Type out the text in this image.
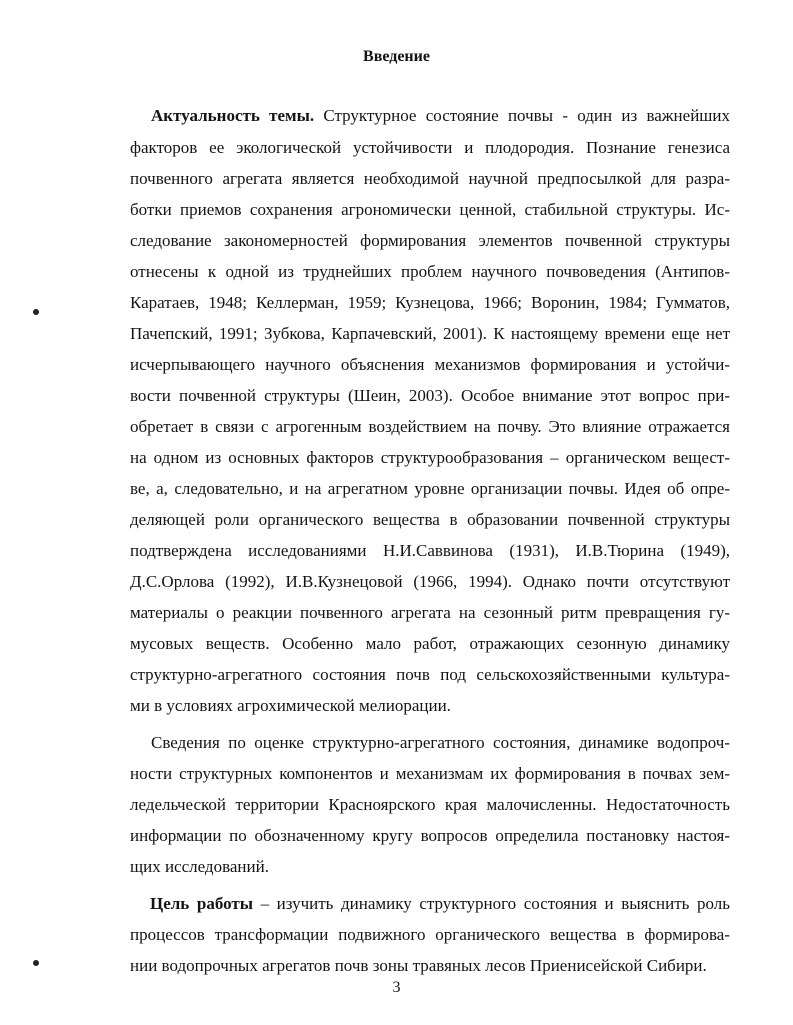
Введение
Актуальность темы. Структурное состояние почвы - один из важнейших
факторов ее экологической устойчивости и плодородия. Познание генезиса
почвенного агрегата является необходимой научной предпосылкой для разра-
ботки приемов сохранения агрономически ценной, стабильной структуры. Ис-
следование закономерностей формирования элементов почвенной структуры
отнесены к одной из труднейших проблем научного почвоведения (Антипов-
Каратаев, 1948; Келлерман, 1959; Кузнецова, 1966; Воронин, 1984; Гумматов,
Пачепский, 1991; Зубкова, Карпачевский, 2001). К настоящему времени еще нет
исчерпывающего научного объяснения механизмов формирования и устойчи-
вости почвенной структуры (Шеин, 2003). Особое внимание этот вопрос при-
обретает в связи с агрогенным воздействием на почву. Это влияние отражается
на одном из основных факторов структурообразования – органическом вещест-
ве, а, следовательно, и на агрегатном уровне организации почвы. Идея об опре-
деляющей роли органического вещества в образовании почвенной структуры
подтверждена исследованиями Н.И.Саввинова (1931), И.В.Тюрина (1949),
Д.С.Орлова (1992), И.В.Кузнецовой (1966, 1994). Однако почти отсутствуют
материалы о реакции почвенного агрегата на сезонный ритм превращения гу-
мусовых веществ. Особенно мало работ, отражающих сезонную динамику
структурно-агрегатного состояния почв под сельскохозяйственными культура-
ми в условиях агрохимической мелиорации.
Сведения по оценке структурно-агрегатного состояния, динамике водопроч-
ности структурных компонентов и механизмам их формирования в почвах зем-
ледельческой территории Красноярского края малочисленны. Недостаточность
информации по обозначенному кругу вопросов определила постановку настоя-
щих исследований.
Цель работы – изучить динамику структурного состояния и выяснить роль
процессов трансформации подвижного органического вещества в формирова-
нии водопрочных агрегатов почв зоны травяных лесов Приенисейской Сибири.
3
